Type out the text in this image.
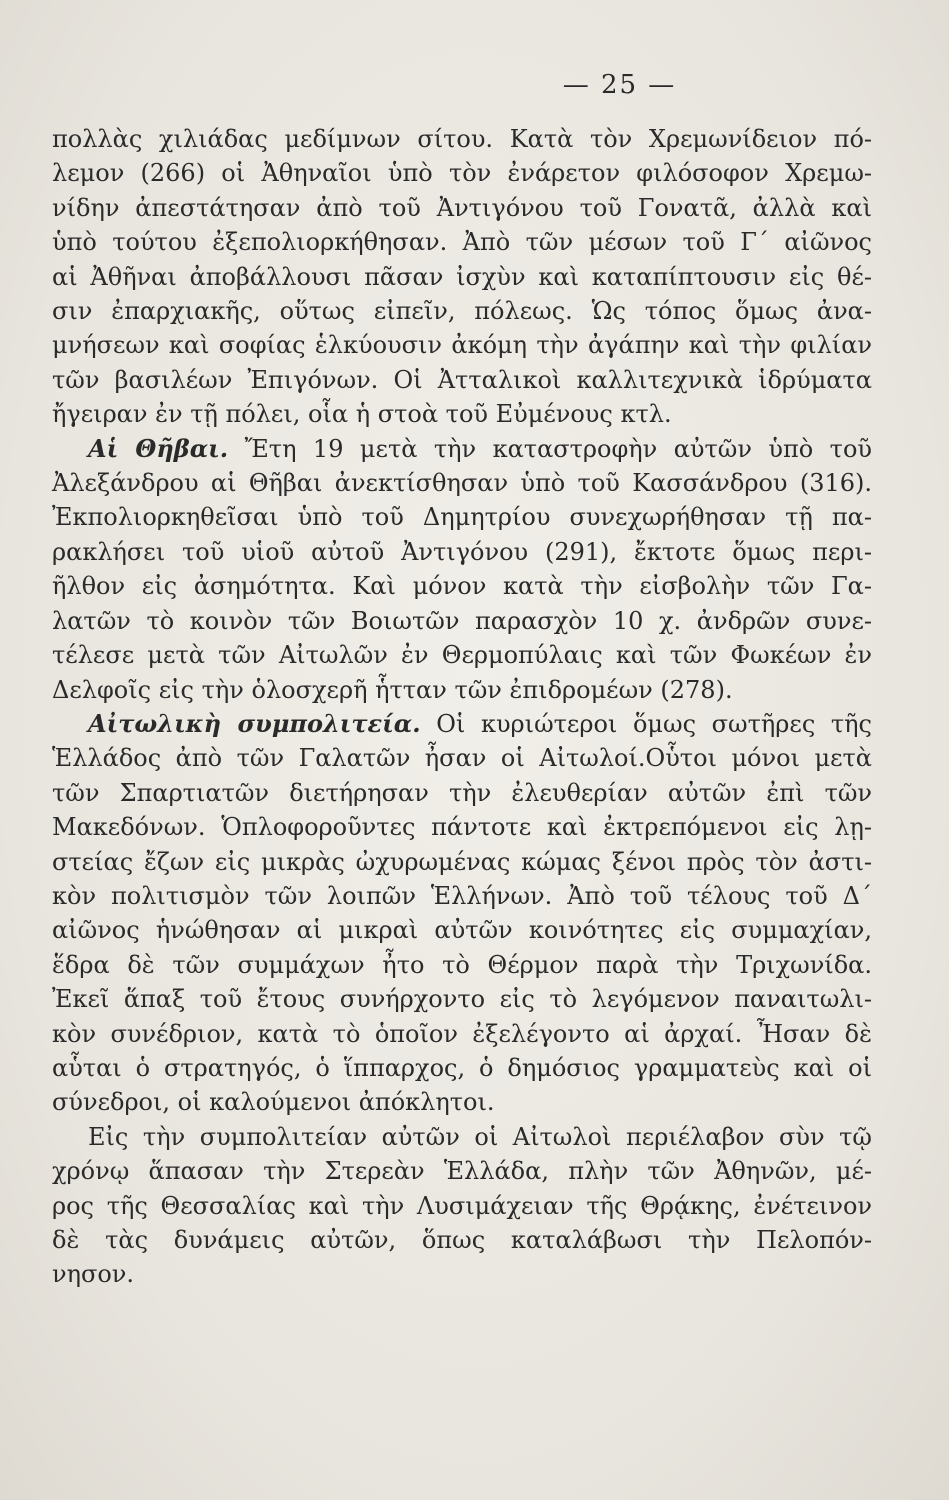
— 25 —
πολλὰς χιλιάδας μεδίμνων σίτου. Κατὰ τὸν Χρεμωνίδειον πό-
λεμον (266) οἱ Ἀθηναῖοι ὑπὸ τὸν ἐνάρετον φιλόσοφον Χρεμω-
νίδην ἀπεστάτησαν ἀπὸ τοῦ Ἀντιγόνου τοῦ Γονατᾶ, ἀλλὰ καὶ
ὑπὸ τούτου ἐξεπολιορκήθησαν. Ἀπὸ τῶν μέσων τοῦ Γ´ αἰῶνος
αἱ Ἀθῆναι ἀποβάλλουσι πᾶσαν ἰσχὺν καὶ καταπίπτουσιν εἰς θέ-
σιν ἐπαρχιακῆς, οὕτως εἰπεῖν, πόλεως. Ὡς τόπος ὅμως ἀνα-
μνήσεων καὶ σοφίας ἑλκύουσιν ἀκόμη τὴν ἀγάπην καὶ τὴν φιλίαν
τῶν βασιλέων Ἐπιγόνων. Οἱ Ἀτταλικοὶ καλλιτεχνικὰ ἱδρύματα
ἤγειραν ἐν τῇ πόλει, οἷα ἡ στοὰ τοῦ Εὐμένους κτλ.
Αἱ Θῆβαι. Ἔτη 19 μετὰ τὴν καταστροφὴν αὐτῶν ὑπὸ τοῦ
Ἀλεξάνδρου αἱ Θῆβαι ἀνεκτίσθησαν ὑπὸ τοῦ Κασσάνδρου (316).
Ἐκπολιορκηθεῖσαι ὑπὸ τοῦ Δημητρίου συνεχωρήθησαν τῇ πα-
ρακλήσει τοῦ υἱοῦ αὐτοῦ Ἀντιγόνου (291), ἔκτοτε ὅμως περι-
ῆλθον εἰς ἀσημότητα. Καὶ μόνον κατὰ τὴν εἰσβολὴν τῶν Γα-
λατῶν τὸ κοινὸν τῶν Βοιωτῶν παρασχὸν 10 χ. ἀνδρῶν συνε-
τέλεσε μετὰ τῶν Αἰτωλῶν ἐν Θερμοπύλαις καὶ τῶν Φωκέων ἐν
Δελφοῖς εἰς τὴν ὁλοσχερῆ ἧτταν τῶν ἐπιδρομέων (278).
Αἰτωλικὴ συμπολιτεία. Οἱ κυριώτεροι ὅμως σωτῆρες τῆς
Ἑλλάδος ἀπὸ τῶν Γαλατῶν ἦσαν οἱ Αἰτωλοί.Οὗτοι μόνοι μετὰ
τῶν Σπαρτιατῶν διετήρησαν τὴν ἐλευθερίαν αὐτῶν ἐπὶ τῶν
Μακεδόνων. Ὁπλοφοροῦντες πάντοτε καὶ ἐκτρεπόμενοι εἰς λῃ-
στείας ἔζων εἰς μικρὰς ὠχυρωμένας κώμας ξένοι πρὸς τὸν ἀστι-
κὸν πολιτισμὸν τῶν λοιπῶν Ἑλλήνων. Ἀπὸ τοῦ τέλους τοῦ Δ´
αἰῶνος ἡνώθησαν αἱ μικραὶ αὐτῶν κοινότητες εἰς συμμαχίαν,
ἕδρα δὲ τῶν συμμάχων ἦτο τὸ Θέρμον παρὰ τὴν Τριχωνίδα.
Ἐκεῖ ἅπαξ τοῦ ἔτους συνήρχοντο εἰς τὸ λεγόμενον παναιτωλι-
κὸν συνέδριον, κατὰ τὸ ὁποῖον ἐξελέγοντο αἱ ἀρχαί. Ἦσαν δὲ
αὗται ὁ στρατηγός, ὁ ἵππαρχος, ὁ δημόσιος γραμματεὺς καὶ οἱ
σύνεδροι, οἱ καλούμενοι ἀπόκλητοι.
Εἰς τὴν συμπολιτείαν αὐτῶν οἱ Αἰτωλοὶ περιέλαβον σὺν τῷ
χρόνῳ ἅπασαν τὴν Στερεὰν Ἑλλάδα, πλὴν τῶν Ἀθηνῶν, μέ-
ρος τῆς Θεσσαλίας καὶ τὴν Λυσιμάχειαν τῆς Θρᾴκης, ἐνέτεινον
δὲ τὰς δυνάμεις αὐτῶν, ὅπως καταλάβωσι τὴν Πελοπόν-
νησον.
